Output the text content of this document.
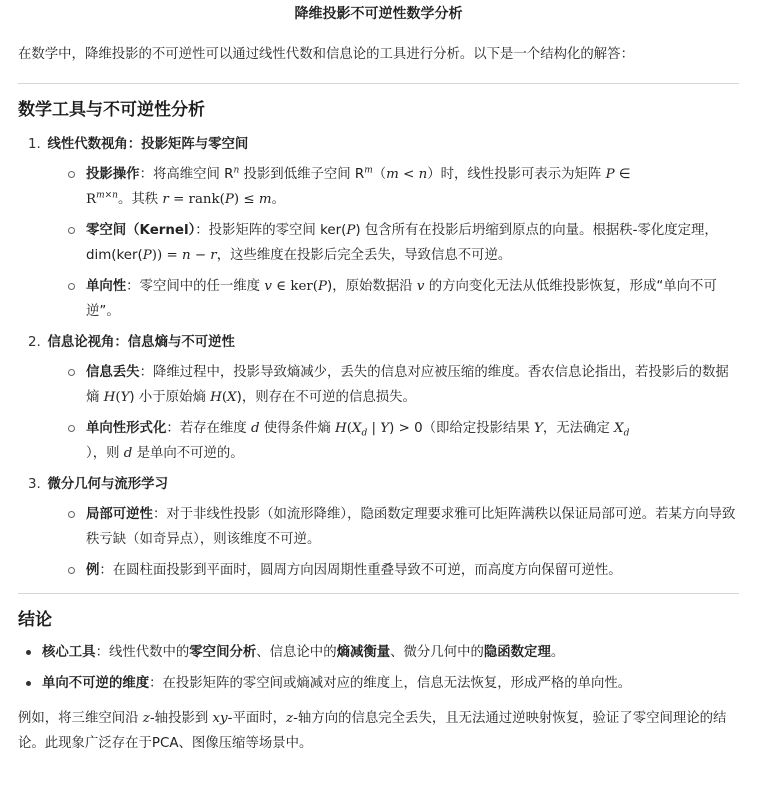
降维投影不可逆性数学分析

在数学中，降维投影的不可逆性可以通过线性代数和信息论的工具进行分析。以下是一个结构化的解答：

数学工具与不可逆性分析
1. 线性代数视角：投影矩阵与零空间
投影操作：将高维空间 $R^n$ 投影到低维子空间 $R^m(m < n)$时，线性投影可表示为矩阵 P ∈
$R^{m\times n}$。其秩 r = rank(P) ≤ m。
零空间（Kernel）：投影矩阵的零空间 ker(P) 包含所有在投影后坍缩到原点的向量。根据秩-零化度定理，dim(ker(P)) = n − r，这些维度在投影后完全丢失，导致信息不可逆。
单向性：零空间中的任一维度 v ∈ ker(P)，原始数据沿 v 的方向变化无法从低维投影恢复，形成“单向不可逆”。
2. 信息论视角：信息熵与不可逆性
信息丢失：降维过程中，投影导致熵减少，丢失的信息对应被压缩的维度。香农信息论指出，若投影后的数据熵 H(Y) 小于原始熵 H(X)，则存在不可逆的信息损失。
单向性形式化：若存在维度 d 使得条件熵 $H(X_d$ | Y) > 0（即给定投影结果 Y，无法确定 $X_d$
），则 d 是单向不可逆的。
3. 微分几何与流形学习
局部可逆性：对于非线性投影（如流形降维），隐函数定理要求雅可比矩阵满秩以保证局部可逆。若某方向导致秩亏缺（如奇异点），则该维度不可逆。
例：在圆柱面投影到平面时，圆周方向因周期性重叠导致不可逆，而高度方向保留可逆性。
结论
核心工具：线性代数中的零空间分析、信息论中的熵减衡量、微分几何中的隐函数定理。
单向不可逆的维度：在投影矩阵的零空间或熵减对应的维度上，信息无法恢复，形成严格的单向性。

例如，将三维空间沿 z-轴投影到 xy-平面时，z-轴方向的信息完全丢失，且无法通过逆映射恢复，验证了零空间理论的结论。此现象广泛存在于PCA、图像压缩等场景中。
